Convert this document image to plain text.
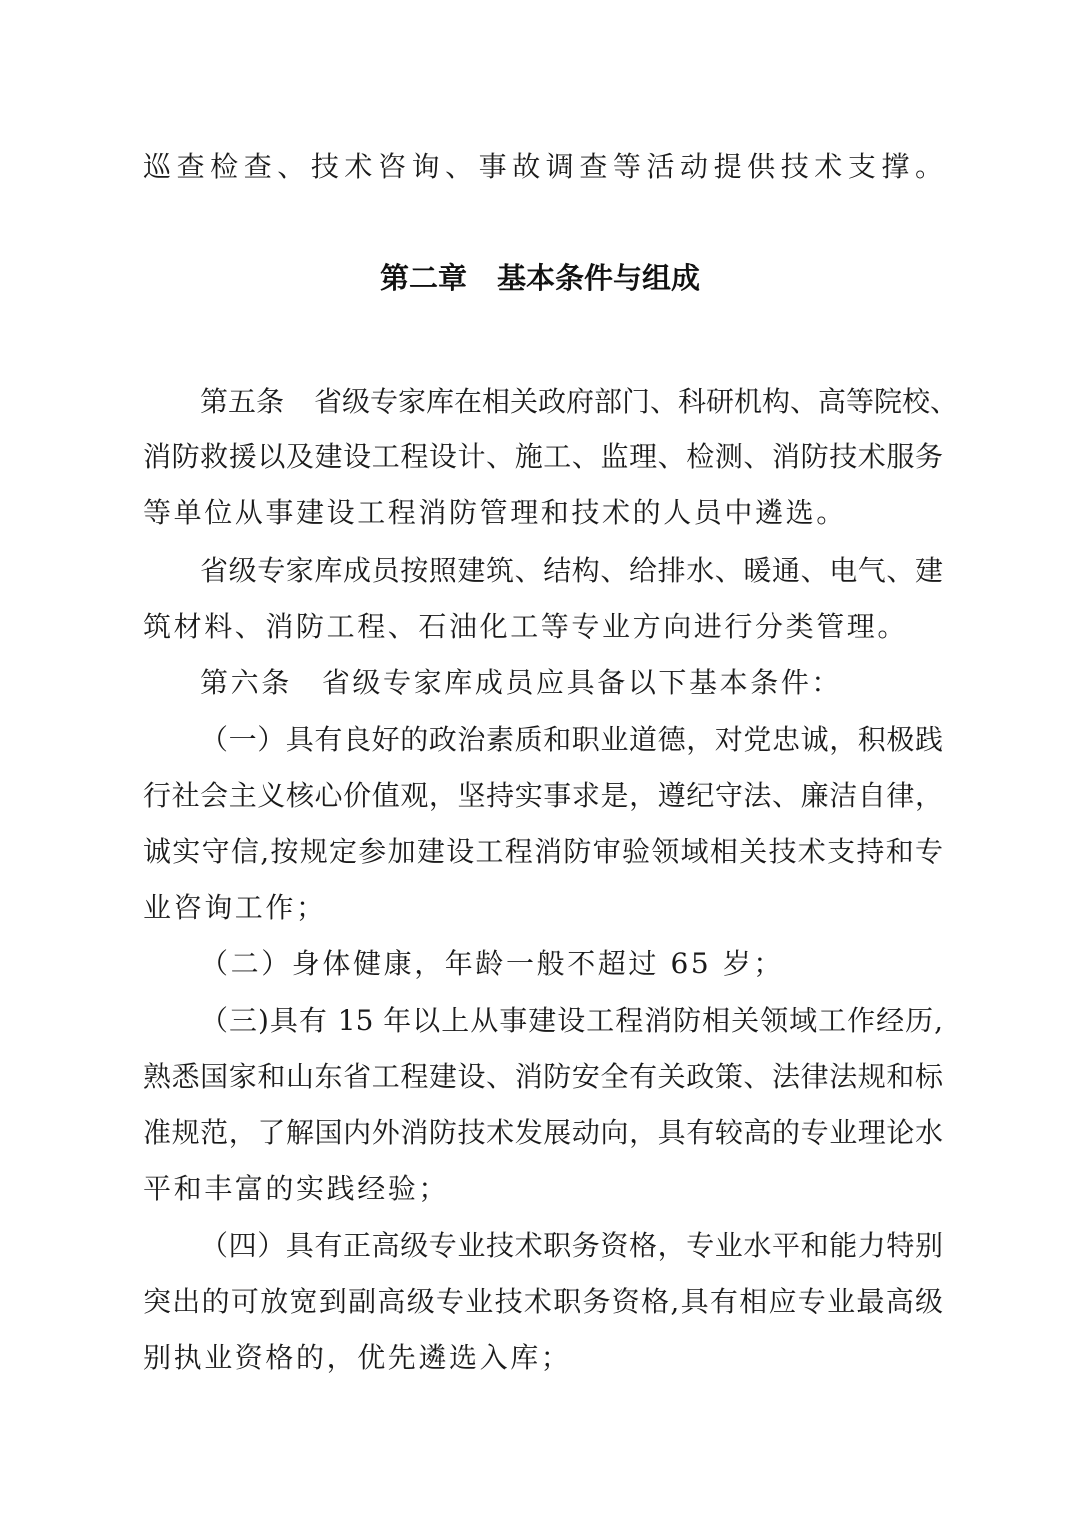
巡查检查、技术咨询、事故调查等活动提供技术支撑。
第二章 基本条件与组成
第五条 省级专家库在相关政府部门、科研机构、高等院校、
消防救援以及建设工程设计、施工、监理、检测、消防技术服务
等单位从事建设工程消防管理和技术的人员中遴选。
省级专家库成员按照建筑、结构、给排水、暖通、电气、建
筑材料、消防工程、石油化工等专业方向进行分类管理。
第六条 省级专家库成员应具备以下基本条件：
（一）具有良好的政治素质和职业道德，对党忠诚，积极践
行社会主义核心价值观，坚持实事求是，遵纪守法、廉洁自律，
诚实守信,按规定参加建设工程消防审验领域相关技术支持和专
业咨询工作；
（二）身体健康，年龄一般不超过 65 岁；
（三)具有 15 年以上从事建设工程消防相关领域工作经历,
熟悉国家和山东省工程建设、消防安全有关政策、法律法规和标
准规范，了解国内外消防技术发展动向，具有较高的专业理论水
平和丰富的实践经验；
（四）具有正高级专业技术职务资格，专业水平和能力特别
突出的可放宽到副高级专业技术职务资格,具有相应专业最高级
别执业资格的，优先遴选入库；
